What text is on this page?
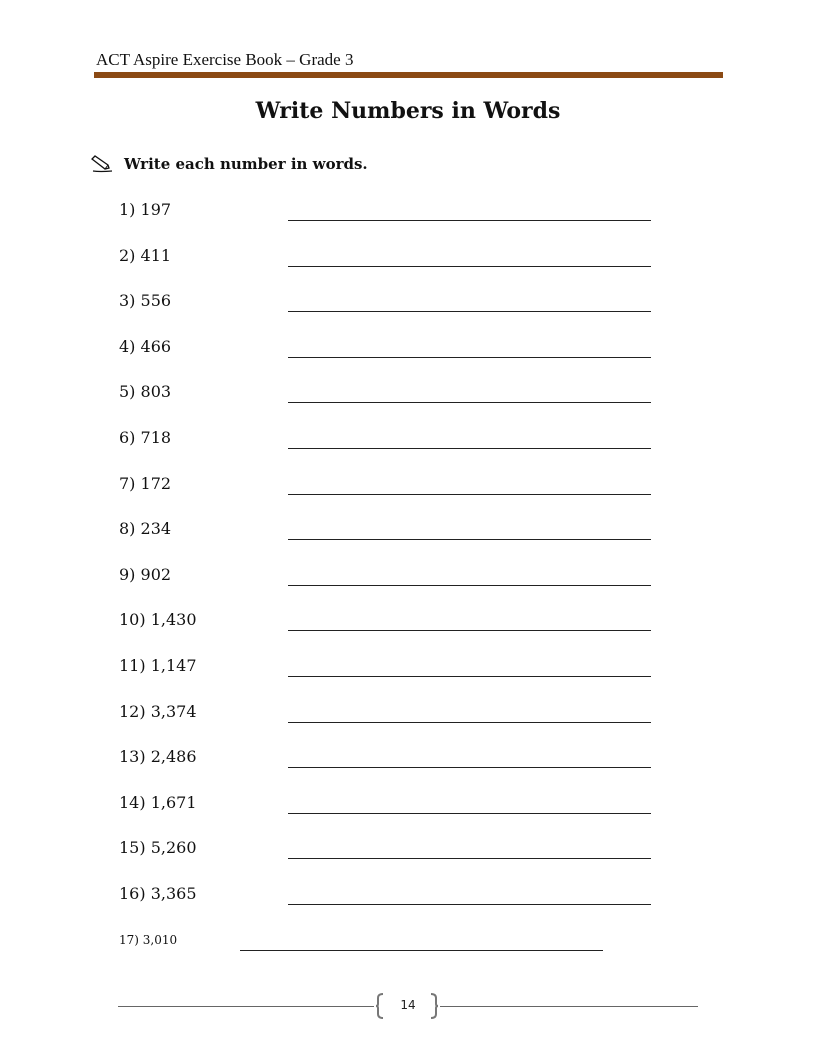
ACT Aspire Exercise Book – Grade 3
Write Numbers in Words
Write each number in words.
1) 197
2) 411
3) 556
4) 466
5) 803
6) 718
7) 172
8) 234
9) 902
10) 1,430
11) 1,147
12) 3,374
13) 2,486
14) 1,671
15) 5,260
16) 3,365
17) 3,010
14
